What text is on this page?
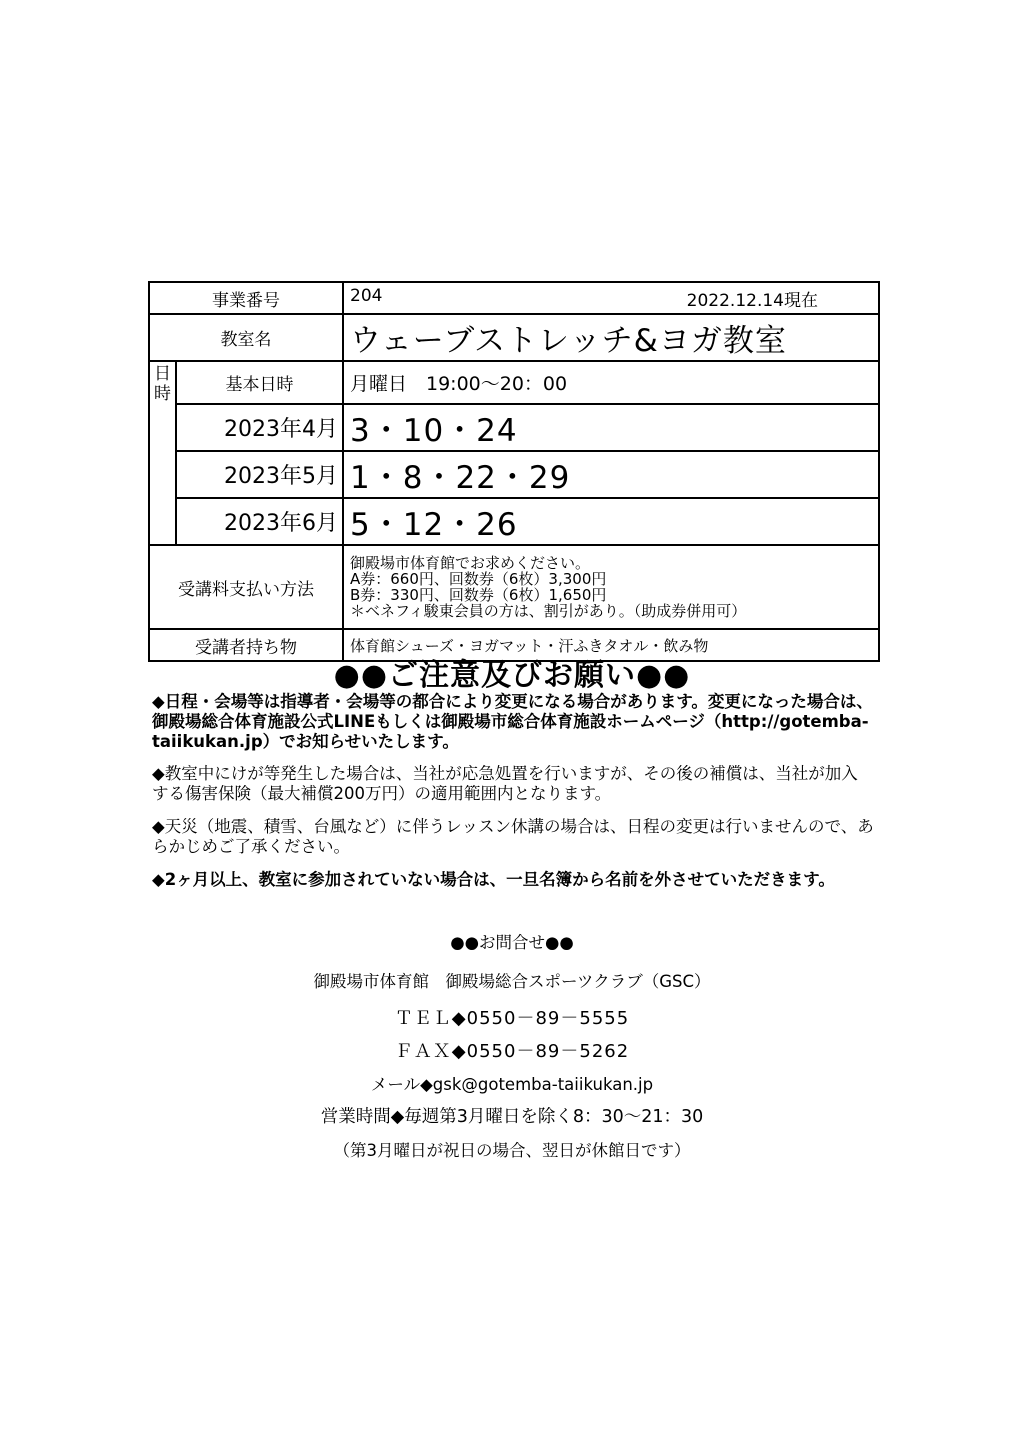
事業番号		204 2022.12.14現在

教室名		ウェーブストレッチ&ヨガ教室

日
時	基本日時	月曜日　19:00～20：00
	2023年4月	3・10・24
	2023年5月	1・8・22・29
	2023年6月	5・12・26
受講料支払い方法		御殿場市体育館でお求めください。
A券：660円、回数券（6枚）3,300円
B券：330円、回数券（6枚）1,650円
＊ベネフィ駿東会員の方は、割引があり。（助成券併用可）

受講者持ち物		体育館シューズ・ヨガマット・汗ふきタオル・飲み物
●●ご注意及びお願い●●
◆日程・会場等は指導者・会場等の都合により変更になる場合があります。変更になった場合は、御殿場総合体育施設公式LINEもしくは御殿場市総合体育施設ホームページ（http://gotemba-taiikukan.jp）でお知らせいたします。
◆教室中にけが等発生した場合は、当社が応急処置を行いますが、その後の補償は、当社が加入する傷害保険（最大補償200万円）の適用範囲内となります。
◆天災（地震、積雪、台風など）に伴うレッスン休講の場合は、日程の変更は行いませんので、あらかじめご了承ください。
◆2ヶ月以上、教室に参加されていない場合は、一旦名簿から名前を外させていただきます。
●●お問合せ●●
御殿場市体育館　御殿場総合スポーツクラブ（GSC）
ＴＥＬ◆0550－89－5555
ＦＡＸ◆0550－89－5262
メール◆gsk@gotemba-taiikukan.jp
営業時間◆毎週第3月曜日を除く8：30～21：30
（第3月曜日が祝日の場合、翌日が休館日です）
